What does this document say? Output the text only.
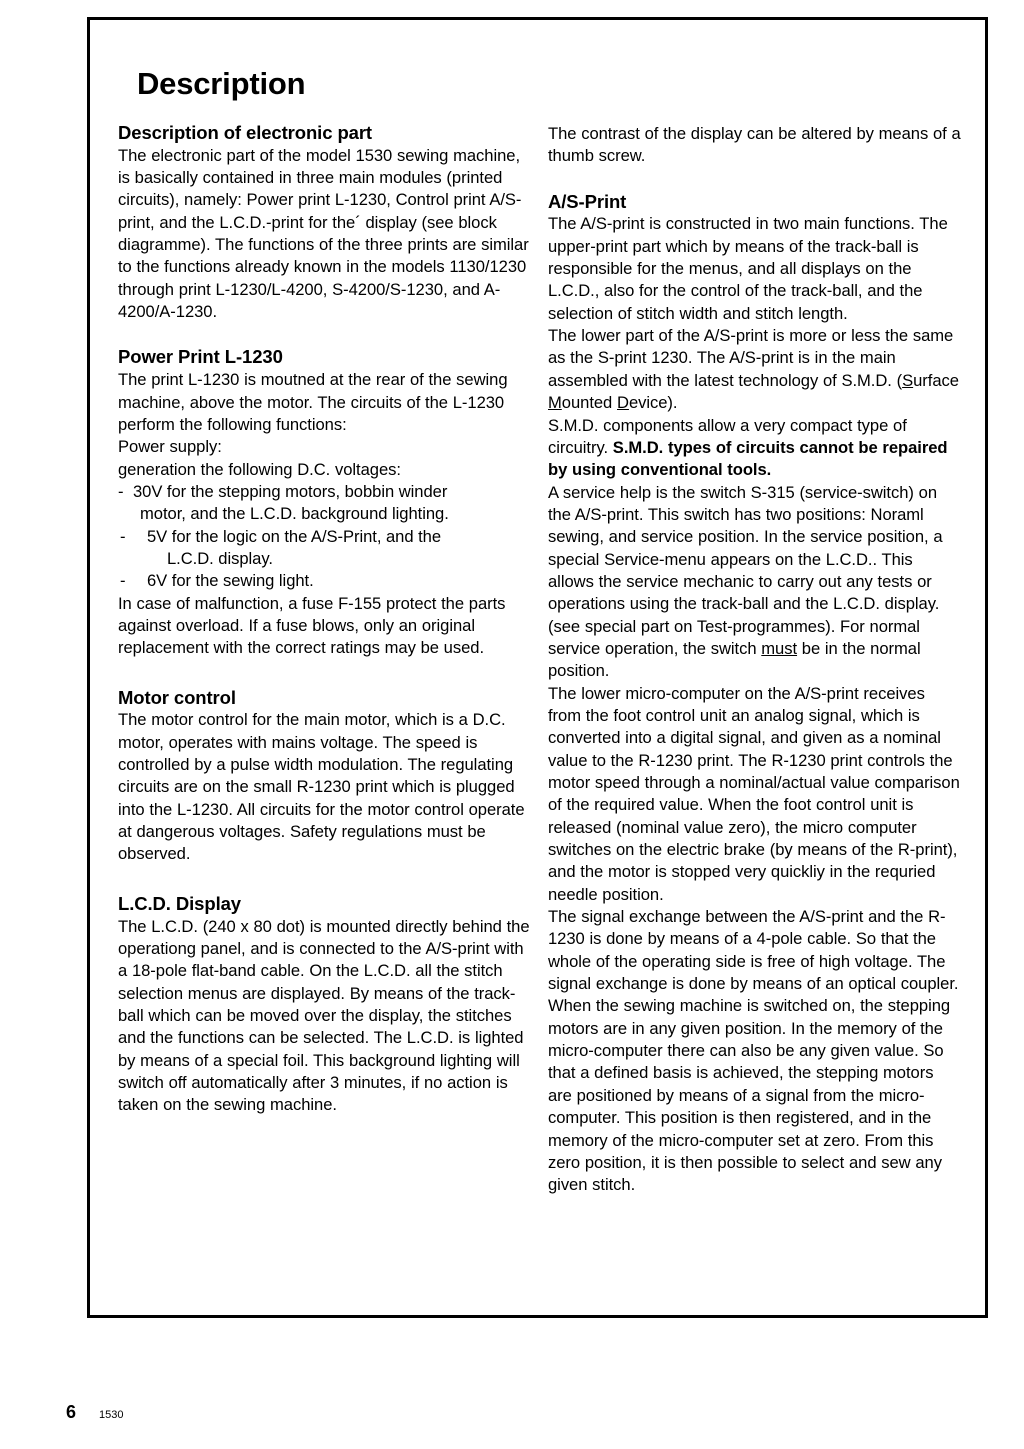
Description
Description of electronic part

The electronic part of the model 1530 sewing machine, is basically contained in three main modules (printed circuits), namely: Power print L-1230, Control print A/S-print, and the L.C.D.-print for the´ display (see block diagramme). The functions of the three prints are similar to the functions already known in the models 1130/1230 through print L-1230/L-4200, S-4200/S-1230, and A-4200/A-1230.

Power Print L-1230

The print L-1230 is moutned at the rear of the sewing machine, above the motor. The circuits of the L-1230 perform the following functions:

Power supply:

generation the following D.C. voltages:

- 30V for the stepping motors, bobbin winder
motor, and the L.C.D. background lighting.
- 5V for the logic on the A/S-Print, and the
L.C.D. display.
- 6V for the sewing light.

In case of malfunction, a fuse F-155 protect the parts against overload. If a fuse blows, only an original replacement with the correct ratings may be used.

Motor control

The motor control for the main motor, which is a D.C. motor, operates with mains voltage. The speed is controlled by a pulse width modulation. The regulating circuits are on the small R-1230 print which is plugged into the L-1230. All circuits for the motor control operate at dangerous voltages. Safety regulations must be observed.

L.C.D. Display

The L.C.D. (240 x 80 dot) is mounted directly behind the operationg panel, and is connected to the A/S-print with a 18-pole flat-band cable. On the L.C.D. all the stitch selection menus are displayed. By means of the track-ball which can be moved over the display, the stitches and the functions can be selected. The L.C.D. is lighted by means of a special foil. This background lighting will switch off automatically after 3 minutes, if no action is taken on the sewing machine.

The contrast of the display can be altered by means of a thumb screw.

A/S-Print

The A/S-print is constructed in two main functions. The upper-print part which by means of the track-ball is responsible for the menus, and all displays on the L.C.D., also for the control of the track-ball, and the selection of stitch width and stitch length.

The lower part of the A/S-print is more or less the same as the S-print 1230. The A/S-print is in the main assembled with the latest technology of S.M.D. (Surface Mounted Device).

S.M.D. components allow a very compact type of circuitry. S.M.D. types of circuits cannot be repaired by using conventional tools.

A service help is the switch S-315 (service-switch) on the A/S-print. This switch has two positions: Noraml sewing, and service position. In the service position, a special Service-menu appears on the L.C.D.. This allows the service mechanic to carry out any tests or operations using the track-ball and the L.C.D. display. (see special part on Test-programmes). For normal service operation, the switch must be in the normal position.

The lower micro-computer on the A/S-print receives from the foot control unit an analog signal, which is converted into a digital signal, and given as a nominal value to the R-1230 print. The R-1230 print controls the motor speed through a nominal/actual value comparison of the required value. When the foot control unit is released (nominal value zero), the micro computer switches on the electric brake (by means of the R-print), and the motor is stopped very quickliy in the requried needle position.

The signal exchange between the A/S-print and the R-1230 is done by means of a 4-pole cable. So that the whole of the operating side is free of high voltage. The signal exchange is done by means of an optical coupler.

When the sewing machine is switched on, the stepping motors are in any given position. In the memory of the micro-computer there can also be any given value. So that a defined basis is achieved, the stepping motors are positioned by means of a signal from the micro-computer. This position is then registered, and in the memory of the micro-computer set at zero. From this zero position, it is then possible to select and sew any given stitch.

6 1530
